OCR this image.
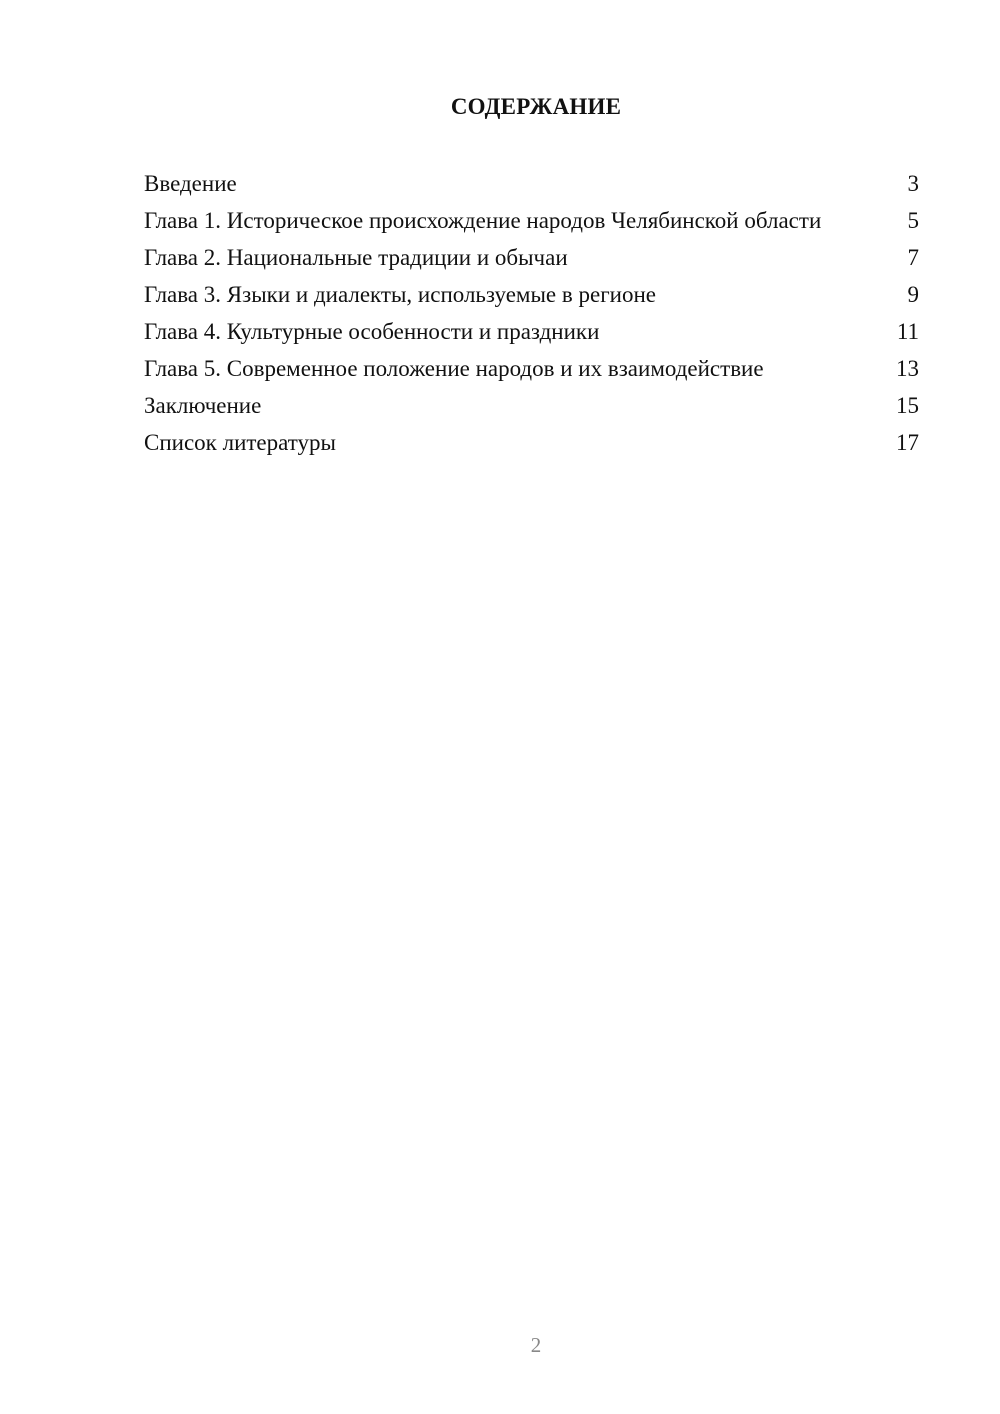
СОДЕРЖАНИЕ
Введение	3
Глава 1. Историческое происхождение народов Челябинской области	5
Глава 2. Национальные традиции и обычаи	7
Глава 3. Языки и диалекты, используемые в регионе	9
Глава 4. Культурные особенности и праздники	11
Глава 5. Современное положение народов и их взаимодействие	13
Заключение	15
Список литературы	17
2
